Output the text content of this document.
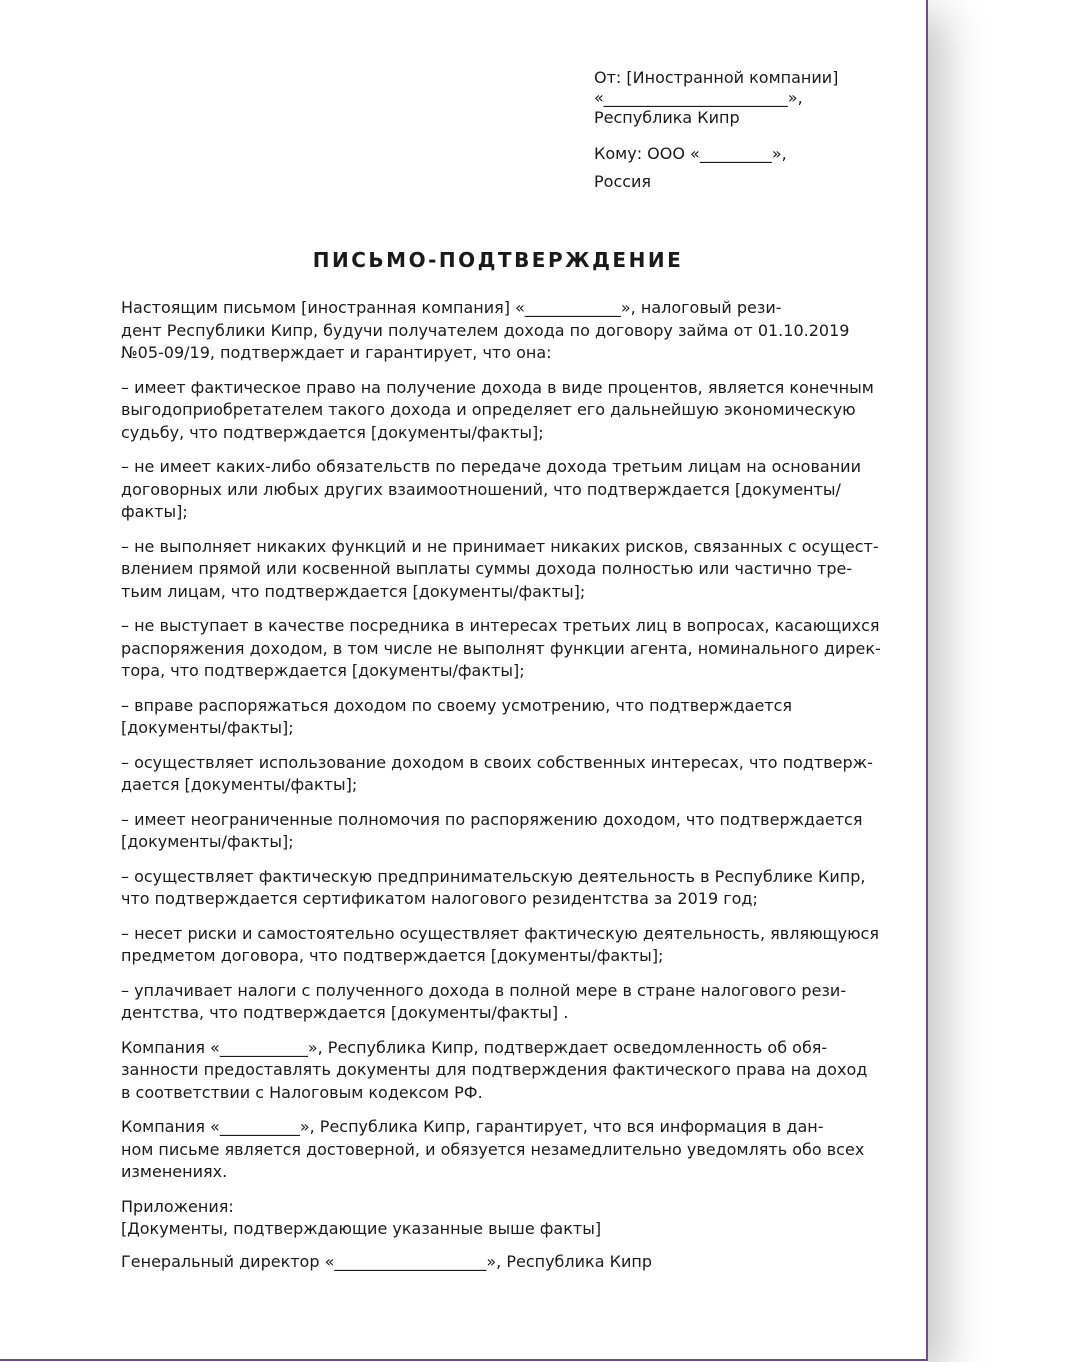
От: [Иностранной компании]
«_______________________»,
Республика Кипр
Кому: ООО «_________»,
Россия
ПИСЬМО-ПОДТВЕРЖДЕНИЕ

Настоящим письмом [иностранная компания] «____________», налоговый рези-
дент Республики Кипр, будучи получателем дохода по договору займа от 01.10.2019
№05-09/19, подтверждает и гарантирует, что она:

– имеет фактическое право на получение дохода в виде процентов, является конечным
выгодоприобретателем такого дохода и определяет его дальнейшую экономическую
судьбу, что подтверждается [документы/факты];

– не имеет каких-либо обязательств по передаче дохода третьим лицам на основании
договорных или любых других взаимоотношений, что подтверждается [документы/
факты];

– не выполняет никаких функций и не принимает никаких рисков, связанных с осущест-
влением прямой или косвенной выплаты суммы дохода полностью или частично тре-
тьим лицам, что подтверждается [документы/факты];

– не выступает в качестве посредника в интересах третьих лиц в вопросах, касающихся
распоряжения доходом, в том числе не выполнят функции агента, номинального дирек-
тора, что подтверждается [документы/факты];

– вправе распоряжаться доходом по своему усмотрению, что подтверждается
[документы/факты];

– осуществляет использование доходом в своих собственных интересах, что подтверж-
дается [документы/факты];

– имеет неограниченные полномочия по распоряжению доходом, что подтверждается
[документы/факты];

– осуществляет фактическую предпринимательскую деятельность в Республике Кипр,
что подтверждается сертификатом налогового резидентства за 2019 год;

– несет риски и самостоятельно осуществляет фактическую деятельность, являющуюся
предметом договора, что подтверждается [документы/факты];

– уплачивает налоги с полученного дохода в полной мере в стране налогового рези-
дентства, что подтверждается [документы/факты] .

Компания «___________», Республика Кипр, подтверждает осведомленность об обя-
занности предоставлять документы для подтверждения фактического права на доход
в соответствии с Налоговым кодексом РФ.

Компания «__________», Республика Кипр, гарантирует, что вся информация в дан-
ном письме является достоверной, и обязуется незамедлительно уведомлять обо всех
изменениях.

Приложения:
[Документы, подтверждающие указанные выше факты]

Генеральный директор «___________________», Республика Кипр
